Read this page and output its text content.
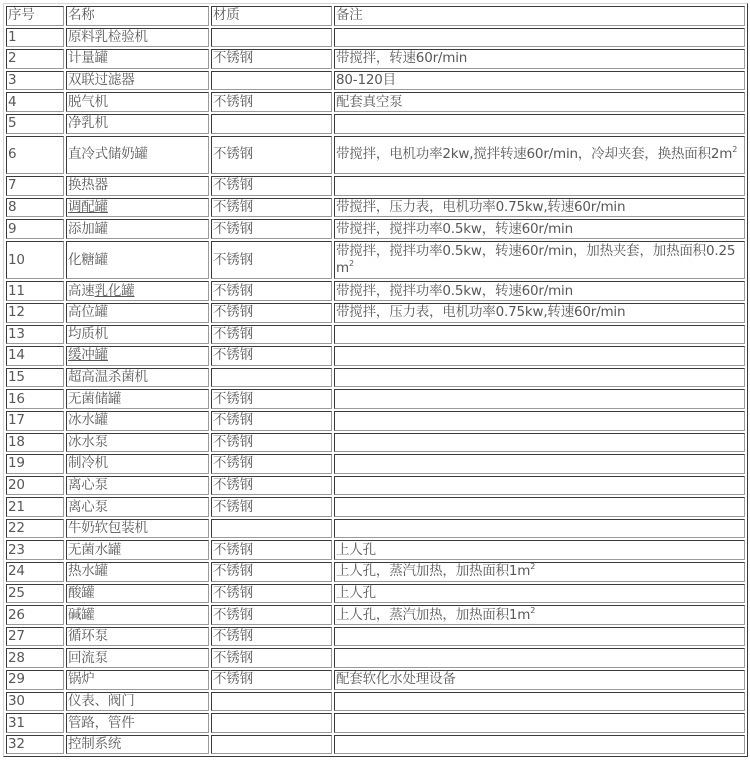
序号	名称	材质	备注
1	原料乳检验机		
2	计量罐	不锈钢	带搅拌，转速60r/min
3	双联过滤器		80-120目
4	脱气机	不锈钢	配套真空泵
5	净乳机		
6	直冷式储奶罐	不锈钢	带搅拌，电机功率2kw,搅拌转速60r/min，冷却夹套，换热面积$2m^2$
7	换热器	不锈钢	
8	调配罐	不锈钢	带搅拌，压力表，电机功率0.75kw,转速60r/min
9	添加罐	不锈钢	带搅拌，搅拌功率0.5kw，转速60r/min
10	化糖罐	不锈钢	带搅拌，搅拌功率0.5kw，转速60r/min，加热夹套，加热面积$0.25m^2$
11	高速乳化罐	不锈钢	带搅拌，搅拌功率0.5kw，转速60r/min
12	高位罐	不锈钢	带搅拌，压力表，电机功率0.75kw,转速60r/min
13	均质机	不锈钢	
14	缓冲罐	不锈钢	
15	超高温杀菌机		
16	无菌储罐	不锈钢	
17	冰水罐	不锈钢	
18	冰水泵	不锈钢	
19	制冷机	不锈钢	
20	离心泵	不锈钢	
21	离心泵	不锈钢	
22	牛奶软包装机		
23	无菌水罐	不锈钢	上人孔
24	热水罐	不锈钢	上人孔，蒸汽加热，加热面积$1m^2$
25	酸罐	不锈钢	上人孔
26	碱罐	不锈钢	上人孔，蒸汽加热，加热面积$1m^2$
27	循环泵	不锈钢	
28	回流泵	不锈钢	
29	锅炉	不锈钢	配套软化水处理设备
30	仪表、阀门		
31	管路，管件		
32	控制系统		
